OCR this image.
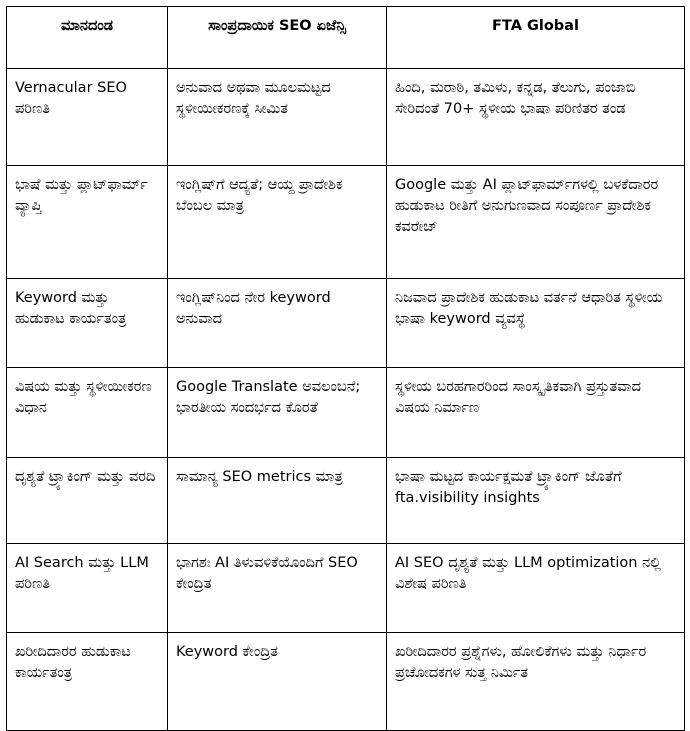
ಮಾನದಂಡ	ಸಾಂಪ್ರದಾಯಿಕ SEO ಏಜೆನ್ಸಿ	FTA Global
Vernacular SEO ಪರಿಣತಿ	ಅನುವಾದ ಅಥವಾ ಮೂಲಮಟ್ಟದ ಸ್ಥಳೀಯೀಕರಣಕ್ಕೆ ಸೀಮಿತ	ಹಿಂದಿ, ಮರಾಠಿ, ತಮಿಳು, ಕನ್ನಡ, ತೆಲುಗು, ಪಂಜಾಬಿ ಸೇರಿದಂತೆ 70+ ಸ್ಥಳೀಯ ಭಾಷಾ ಪರಿಣಿತರ ತಂಡ
ಭಾಷೆ ಮತ್ತು ಪ್ಲಾಟ್‌ಫಾರ್ಮ್ ವ್ಯಾಪ್ತಿ	ಇಂಗ್ಲಿಷ್‌ಗೆ ಆದ್ಯತೆ; ಆಯ್ದ ಪ್ರಾದೇಶಿಕ ಬೆಂಬಲ ಮಾತ್ರ	Google ಮತ್ತು AI ಪ್ಲಾಟ್‌ಫಾರ್ಮ್‌ಗಳಲ್ಲಿ ಬಳಕೆದಾರರ ಹುಡುಕಾಟ ರೀತಿಗೆ ಅನುಗುಣವಾದ ಸಂಪೂರ್ಣ ಪ್ರಾದೇಶಿಕ ಕವರೇಜ್
Keyword ಮತ್ತು ಹುಡುಕಾಟ ಕಾರ್ಯತಂತ್ರ	ಇಂಗ್ಲಿಷ್‌ನಿಂದ ನೇರ keyword ಅನುವಾದ	ನಿಜವಾದ ಪ್ರಾದೇಶಿಕ ಹುಡುಕಾಟ ವರ್ತನೆ ಆಧಾರಿತ ಸ್ಥಳೀಯ ಭಾಷಾ keyword ವ್ಯವಸ್ಥೆ
ವಿಷಯ ಮತ್ತು ಸ್ಥಳೀಯೀಕರಣ ವಿಧಾನ	Google Translate ಅವಲಂಬನೆ; ಭಾರತೀಯ ಸಂದರ್ಭದ ಕೊರತೆ	ಸ್ಥಳೀಯ ಬರಹಗಾರರಿಂದ ಸಾಂಸ್ಕೃತಿಕವಾಗಿ ಪ್ರಸ್ತುತವಾದ ವಿಷಯ ನಿರ್ಮಾಣ
ದೃಶ್ಯತೆ ಟ್ರ್ಯಾಕಿಂಗ್ ಮತ್ತು ವರದಿ	ಸಾಮಾನ್ಯ SEO metrics ಮಾತ್ರ	ಭಾಷಾ ಮಟ್ಟದ ಕಾರ್ಯಕ್ಷಮತೆ ಟ್ರ್ಯಾಕಿಂಗ್ ಜೊತೆಗೆ fta.visibility insights
AI Search ಮತ್ತು LLM ಪರಿಣತಿ	ಭಾಗಶಃ AI ತಿಳುವಳಿಕೆಯೊಂದಿಗೆ SEO ಕೇಂದ್ರಿತ	AI SEO ದೃಶ್ಯತೆ ಮತ್ತು LLM optimization ನಲ್ಲಿ ವಿಶೇಷ ಪರಿಣತಿ
ಖರೀದಿದಾರರ ಹುಡುಕಾಟ ಕಾರ್ಯತಂತ್ರ	Keyword ಕೇಂದ್ರಿತ	ಖರೀದಿದಾರರ ಪ್ರಶ್ನೆಗಳು, ಹೋಲಿಕೆಗಳು ಮತ್ತು ನಿರ್ಧಾರ ಪ್ರಚೋದಕಗಳ ಸುತ್ತ ನಿರ್ಮಿತ
